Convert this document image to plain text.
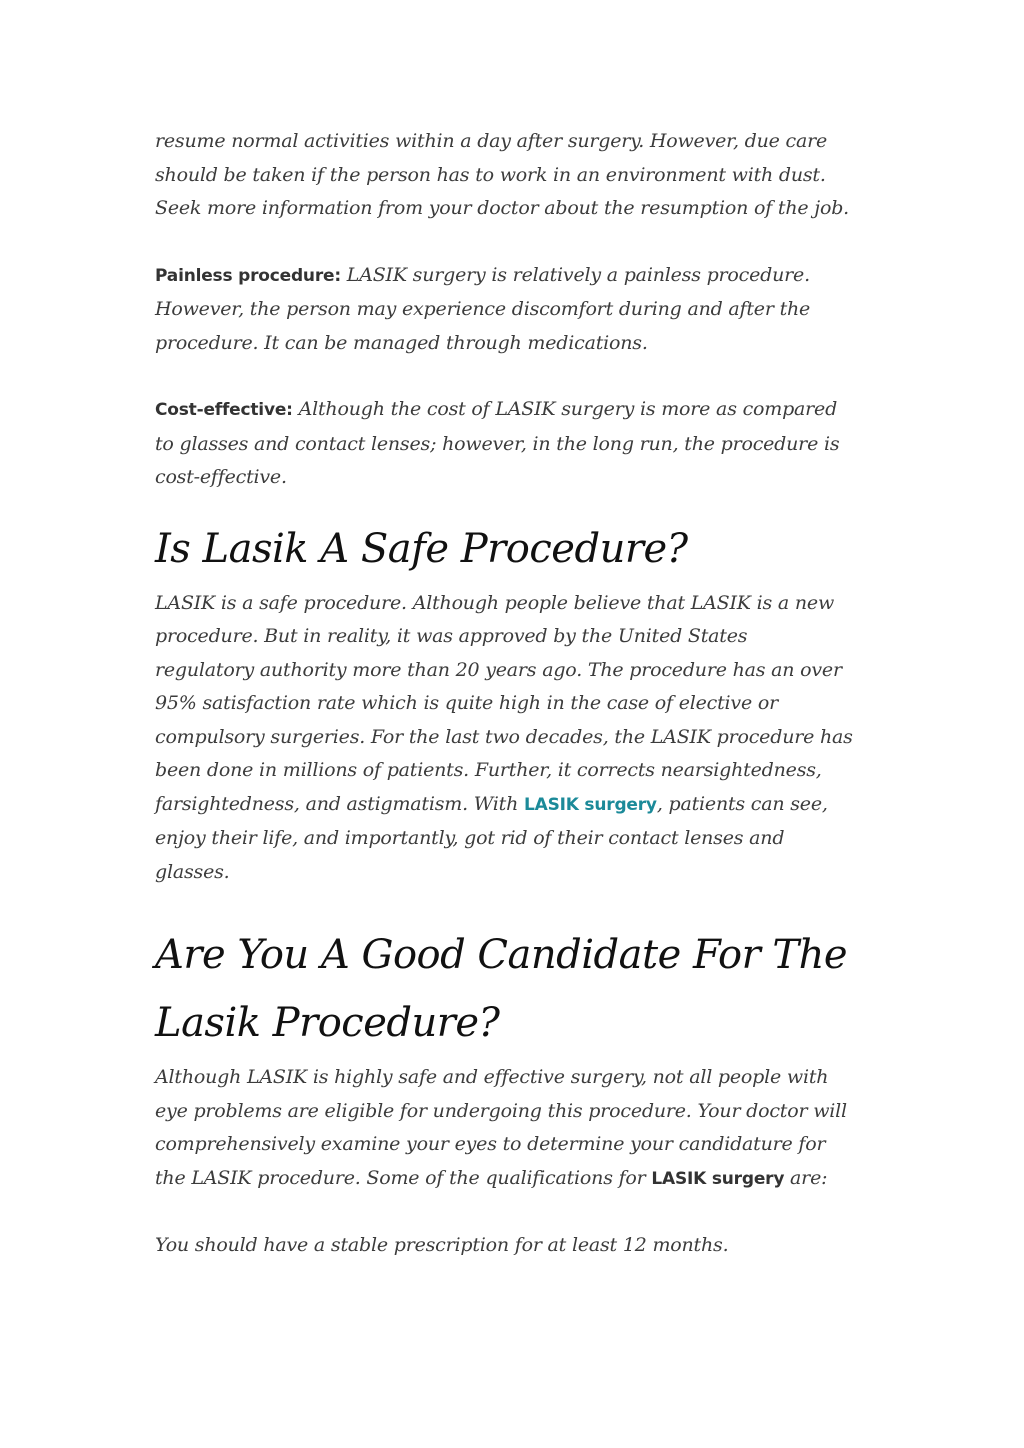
resume normal activities within a day after surgery. However, due care

should be taken if the person has to work in an environment with dust.

Seek more information from your doctor about the resumption of the job.

Painless procedure: LASIK surgery is relatively a painless procedure.

However, the person may experience discomfort during and after the

procedure. It can be managed through medications.

Cost-effective: Although the cost of LASIK surgery is more as compared

to glasses and contact lenses; however, in the long run, the procedure is

cost-effective.

Is Lasik A Safe Procedure?

LASIK is a safe procedure. Although people believe that LASIK is a new

procedure. But in reality, it was approved by the United States

regulatory authority more than 20 years ago. The procedure has an over

95% satisfaction rate which is quite high in the case of elective or

compulsory surgeries. For the last two decades, the LASIK procedure has

been done in millions of patients. Further, it corrects nearsightedness,

farsightedness, and astigmatism. With LASIK surgery, patients can see,

enjoy their life, and importantly, got rid of their contact lenses and

glasses.

Are You A Good Candidate For The
Lasik Procedure?

Although LASIK is highly safe and effective surgery, not all people with

eye problems are eligible for undergoing this procedure. Your doctor will

comprehensively examine your eyes to determine your candidature for

the LASIK procedure. Some of the qualifications for LASIK surgery are:

You should have a stable prescription for at least 12 months.
